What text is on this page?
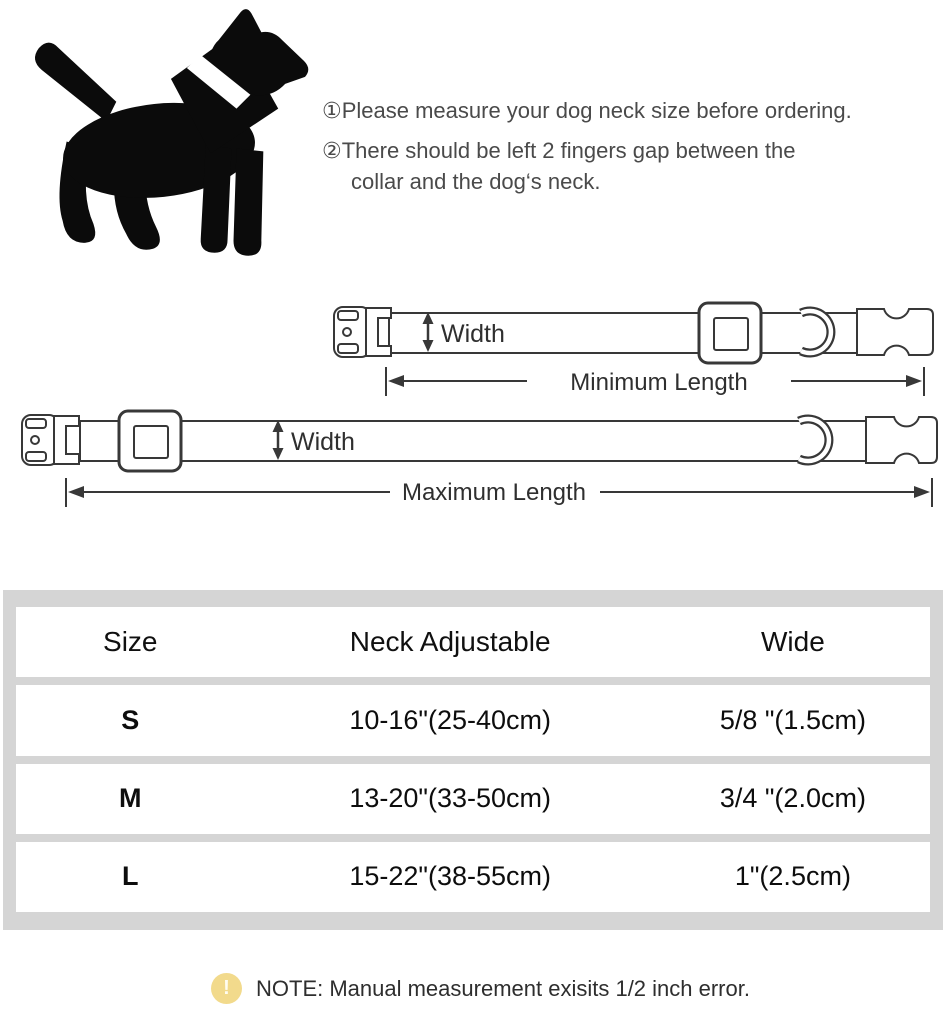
①Please measure your dog neck size before ordering.
②There should be left 2 fingers gap between the
collar and the dog‘s neck.
Width
Minimum Length
Width
Maximum Length
Size	Neck Adjustable	Wide
S	10-16"(25-40cm)	5/8 "(1.5cm)
M	13-20"(33-50cm)	3/4 "(2.0cm)
L	15-22"(38-55cm)	1"(2.5cm)
!	NOTE: Manual measurement exisits 1/2 inch error.
